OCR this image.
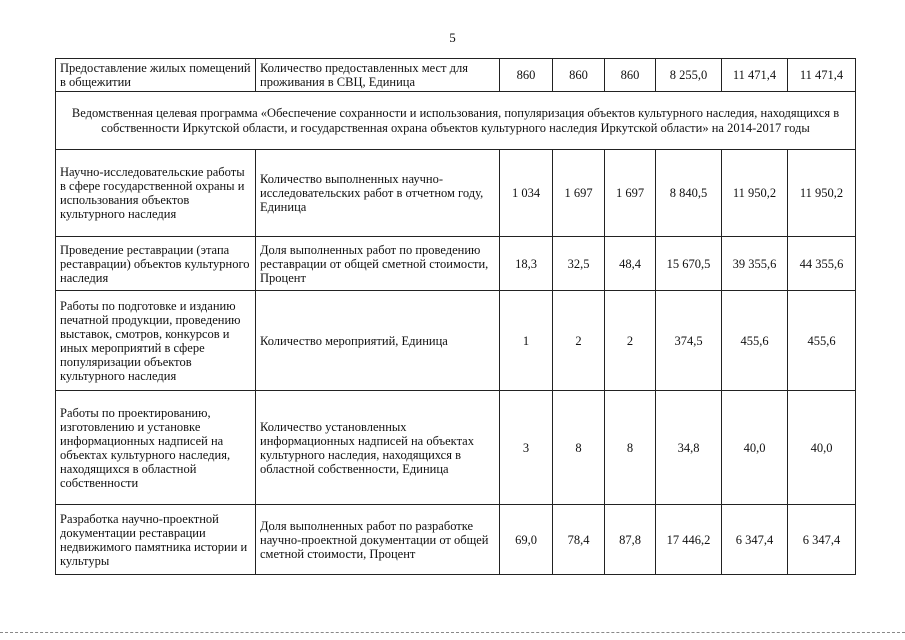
5
Предоставление жилых помещений в общежитии	Количество предоставленных мест для проживания в СВЦ, Единица	860	860	860	8 255,0	11 471,4	11 471,4
Ведомственная целевая программа «Обеспечение сохранности и использования, популяризация объектов культурного наследия, находящихся в собственности Иркутской области, и государственная охрана объектов культурного наследия Иркутской области» на 2014-2017 годы							
Научно-исследовательские работы в сфере государственной охраны и использования объектов культурного наследия	Количество выполненных научно-исследовательских работ в отчетном году, Единица	1 034	1 697	1 697	8 840,5	11 950,2	11 950,2
Проведение реставрации (этапа реставрации) объектов культурного наследия	Доля выполненных работ по проведению реставрации от общей сметной стоимости, Процент	18,3	32,5	48,4	15 670,5	39 355,6	44 355,6
Работы по подготовке и изданию печатной продукции, проведению выставок, смотров, конкурсов и иных мероприятий в сфере популяризации объектов культурного наследия	Количество мероприятий, Единица	1	2	2	374,5	455,6	455,6
Работы по проектированию, изготовлению и установке информационных надписей на объектах культурного наследия, находящихся в областной собственности	Количество установленных информационных надписей на объектах культурного наследия, находящихся в областной собственности, Единица	3	8	8	34,8	40,0	40,0
Разработка научно-проектной документации реставрации недвижимого памятника истории и культуры	Доля выполненных работ по разработке научно-проектной документации от общей сметной стоимости, Процент	69,0	78,4	87,8	17 446,2	6 347,4	6 347,4
